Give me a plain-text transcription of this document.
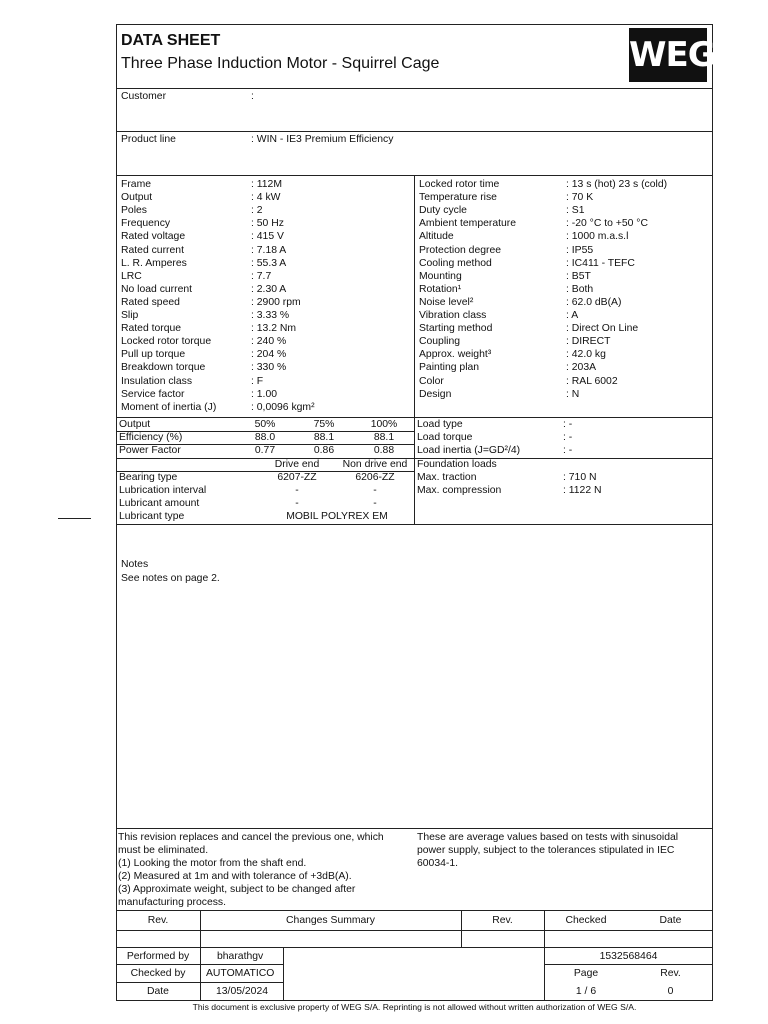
DATA SHEET
Three Phase Induction Motor - Squirrel Cage	WEG
Customer	:
Product line	: WIN - IE3 Premium Efficiency
Frame	: 112M
Output	: 4 kW
Poles	: 2
Frequency	: 50 Hz
Rated voltage	: 415 V
Rated current	: 7.18 A
L. R. Amperes	: 55.3 A
LRC	: 7.7
No load current	: 2.30 A
Rated speed	: 2900 rpm
Slip	: 3.33 %
Rated torque	: 13.2 Nm
Locked rotor torque	: 240 %
Pull up torque	: 204 %
Breakdown torque	: 330 %
Insulation class	: F
Service factor	: 1.00
Moment of inertia (J)	: 0,0096 kgm²
Locked rotor time	: 13 s (hot) 23 s (cold)
Temperature rise	: 70 K
Duty cycle	: S1
Ambient temperature	: -20 °C to +50 °C
Altitude	: 1000 m.a.s.l
Protection degree	: IP55
Cooling method	: IC411 - TEFC
Mounting	: B5T
Rotation¹	: Both
Noise level²	: 62.0 dB(A)
Vibration class	: A
Starting method	: Direct On Line
Coupling	: DIRECT
Approx. weight³	: 42.0 kg
Painting plan	: 203A
Color	: RAL 6002
Design	: N
Output	50%	75%	100%
Efficiency (%)	88.0	88.1	88.1
Power Factor	0.77	0.86	0.88
Load type	: -
Load torque	: -
Load inertia (J=GD²/4)	: -
Drive end	Non drive end
Bearing type	6207-ZZ	6206-ZZ
Lubrication interval	-	-
Lubricant amount	-	-
Lubricant type	MOBIL POLYREX EM
Foundation loads
Max. traction	: 710 N
Max. compression	: 1122 N
Notes
See notes on page 2.
This revision replaces and cancel the previous one, which
must be eliminated.
(1) Looking the motor from the shaft end.
(2) Measured at 1m and with tolerance of +3dB(A).
(3) Approximate weight, subject to be changed after
manufacturing process.
These are average values based on tests with sinusoidal
power supply, subject to the tolerances stipulated in IEC
60034-1.
Rev.	Changes Summary	Rev.	Checked	Date
Performed by	bharathgv
Checked by	AUTOMATICO
Date	13/05/2024
1532568464
Page	Rev.
1 / 6	0
This document is exclusive property of WEG S/A. Reprinting is not allowed without written authorization of WEG S/A.
